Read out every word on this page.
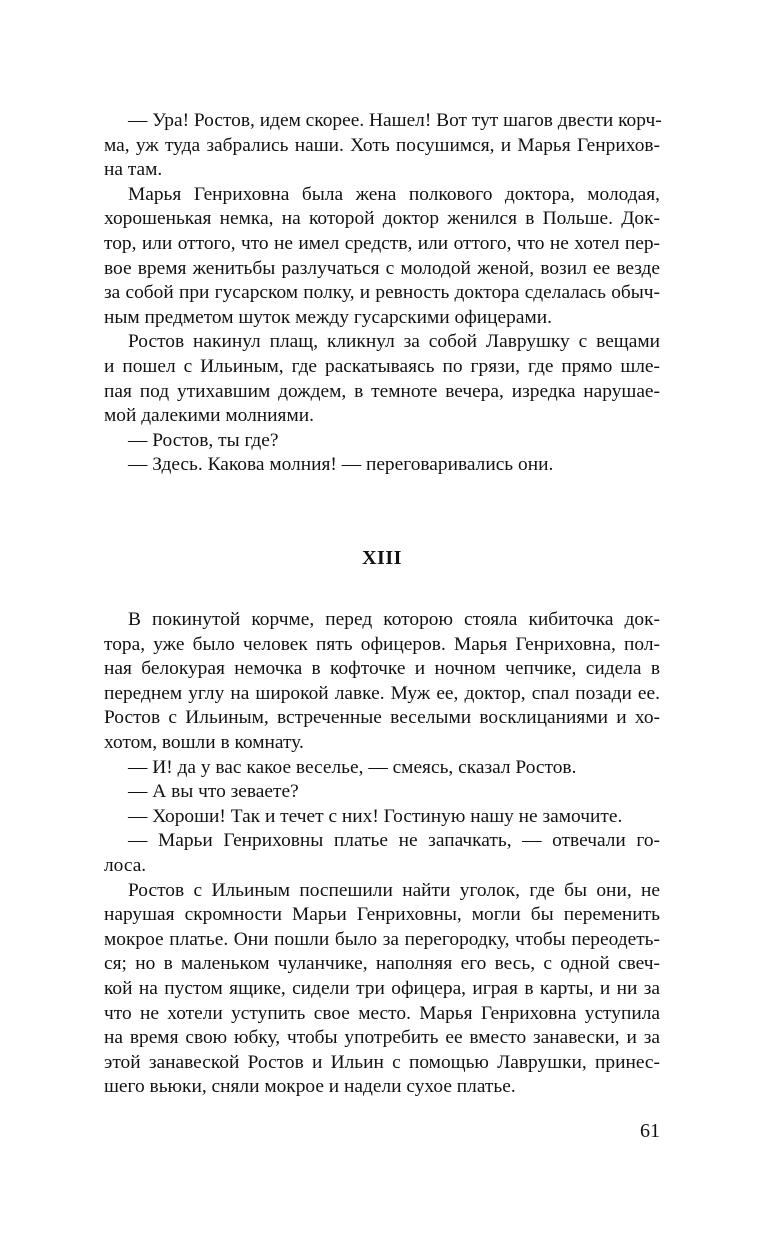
— Ура! Ростов, идем скорее. Нашел! Вот тут шагов двести корч-
ма, уж туда забрались наши. Хоть посушимся, и Марья Генрихов-
на там.
Марья Генриховна была жена полкового доктора, молодая,
хорошенькая немка, на которой доктор женился в Польше. Док-
тор, или оттого, что не имел средств, или оттого, что не хотел пер-
вое время женитьбы разлучаться с молодой женой, возил ее везде
за собой при гусарском полку, и ревность доктора сделалась обыч-
ным предметом шуток между гусарскими офицерами.
Ростов накинул плащ, кликнул за собой Лаврушку с вещами
и пошел с Ильиным, где раскатываясь по грязи, где прямо шле-
пая под утихавшим дождем, в темноте вечера, изредка нарушае-
мой далекими молниями.
— Ростов, ты где?
— Здесь. Какова молния! — переговаривались они.
XIII
В покинутой корчме, перед которою стояла кибиточка док-
тора, уже было человек пять офицеров. Марья Генриховна, пол-
ная белокурая немочка в кофточке и ночном чепчике, сидела в
переднем углу на широкой лавке. Муж ее, доктор, спал позади ее.
Ростов с Ильиным, встреченные веселыми восклицаниями и хо-
хотом, вошли в комнату.
— И! да у вас какое веселье, — смеясь, сказал Ростов.
— А вы что зеваете?
— Хороши! Так и течет с них! Гостиную нашу не замочите.
— Марьи Генриховны платье не запачкать, — отвечали го-
лоса.
Ростов с Ильиным поспешили найти уголок, где бы они, не
нарушая скромности Марьи Генриховны, могли бы переменить
мокрое платье. Они пошли было за перегородку, чтобы переодеть-
ся; но в маленьком чуланчике, наполняя его весь, с одной свеч-
кой на пустом ящике, сидели три офицера, играя в карты, и ни за
что не хотели уступить свое место. Марья Генриховна уступила
на время свою юбку, чтобы употребить ее вместо занавески, и за
этой занавеской Ростов и Ильин с помощью Лаврушки, принес-
шего вьюки, сняли мокрое и надели сухое платье.
61
